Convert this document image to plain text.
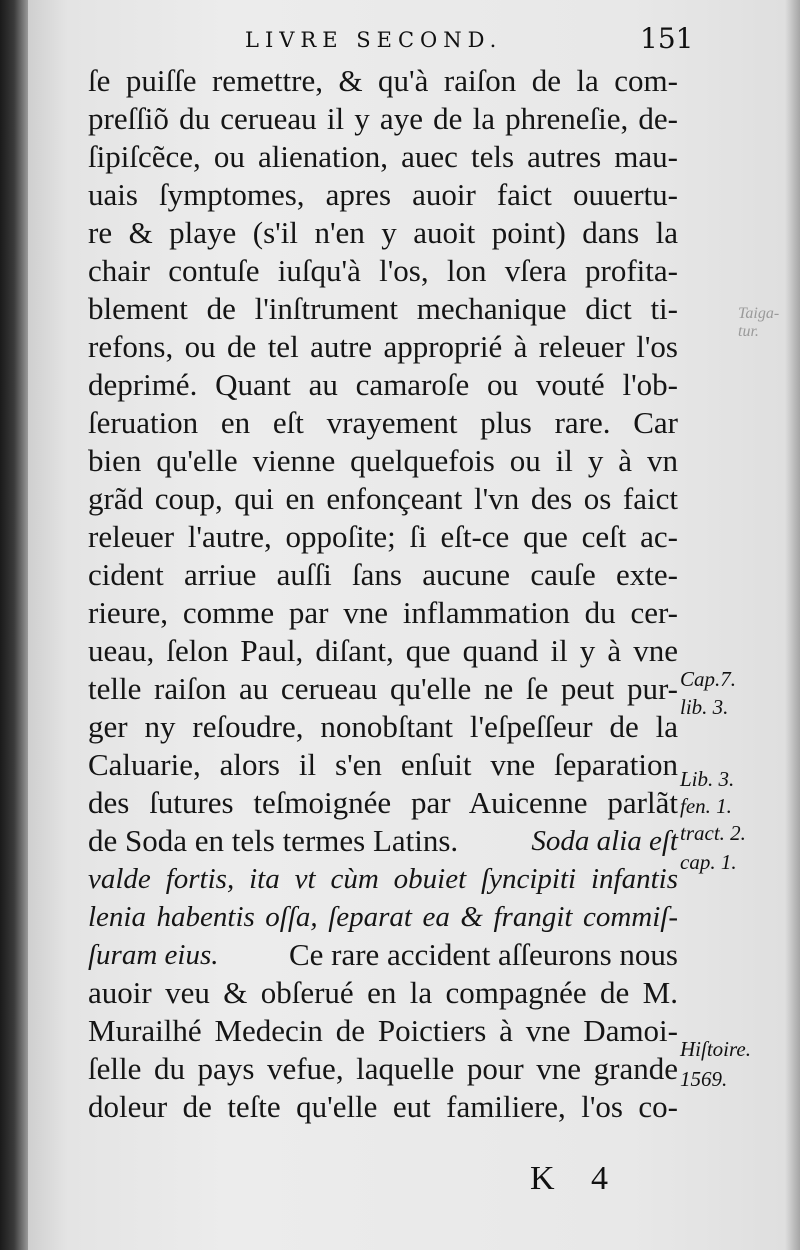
LIVRE SECOND.	151
ſe puiſſe remettre, & qu'à raiſon de la com-
preſſiõ du cerueau il y aye de la phreneſie, de-
ſipiſcẽce, ou alienation, auec tels autres mau-
uais ſymptomes, apres auoir faict ouuertu-
re & playe (s'il n'en y auoit point) dans la
chair contuſe iuſqu'à l'os, lon vſera profita-
blement de l'inſtrument mechanique dict ti-
refons, ou de tel autre approprié à releuer l'os
deprimé. Quant au camaroſe ou vouté l'ob-
ſeruation en eſt vrayement plus rare. Car
bien qu'elle vienne quelquefois ou il y à vn
grãd coup, qui en enfonçeant l'vn des os faict
releuer l'autre, oppoſite; ſi eſt-ce que ceſt ac-
cident arriue auſſi ſans aucune cauſe exte-
rieure, comme par vne inflammation du cer-
ueau, ſelon Paul, diſant, que quand il y à vne
telle raiſon au cerueau qu'elle ne ſe peut pur-
ger ny reſoudre, nonobſtant l'eſpeſſeur de la
Caluarie, alors il s'en enſuit vne ſeparation
des ſutures teſmoignée par Auicenne parlãt
de Soda en tels termes Latins.	Soda alia eſt
valde fortis, ita vt cùm obuiet ſyncipiti infantis
lenia habentis oſſa, ſeparat ea & frangit commiſ-
ſuram eius. Ce rare accident aſſeurons nous
auoir veu & obſerué en la compagnée de M.
Murailhé Medecin de Poictiers à vne Damoi-
ſelle du pays vefue, laquelle pour vne grande
doleur de teſte qu'elle eut familiere, l'os co-
Taiga-
tur.
Cap.7.
lib. 3.
Lib. 3.
fen. 1.
tract. 2.
cap. 1.
Hiſtoire.
1569.
K 4
